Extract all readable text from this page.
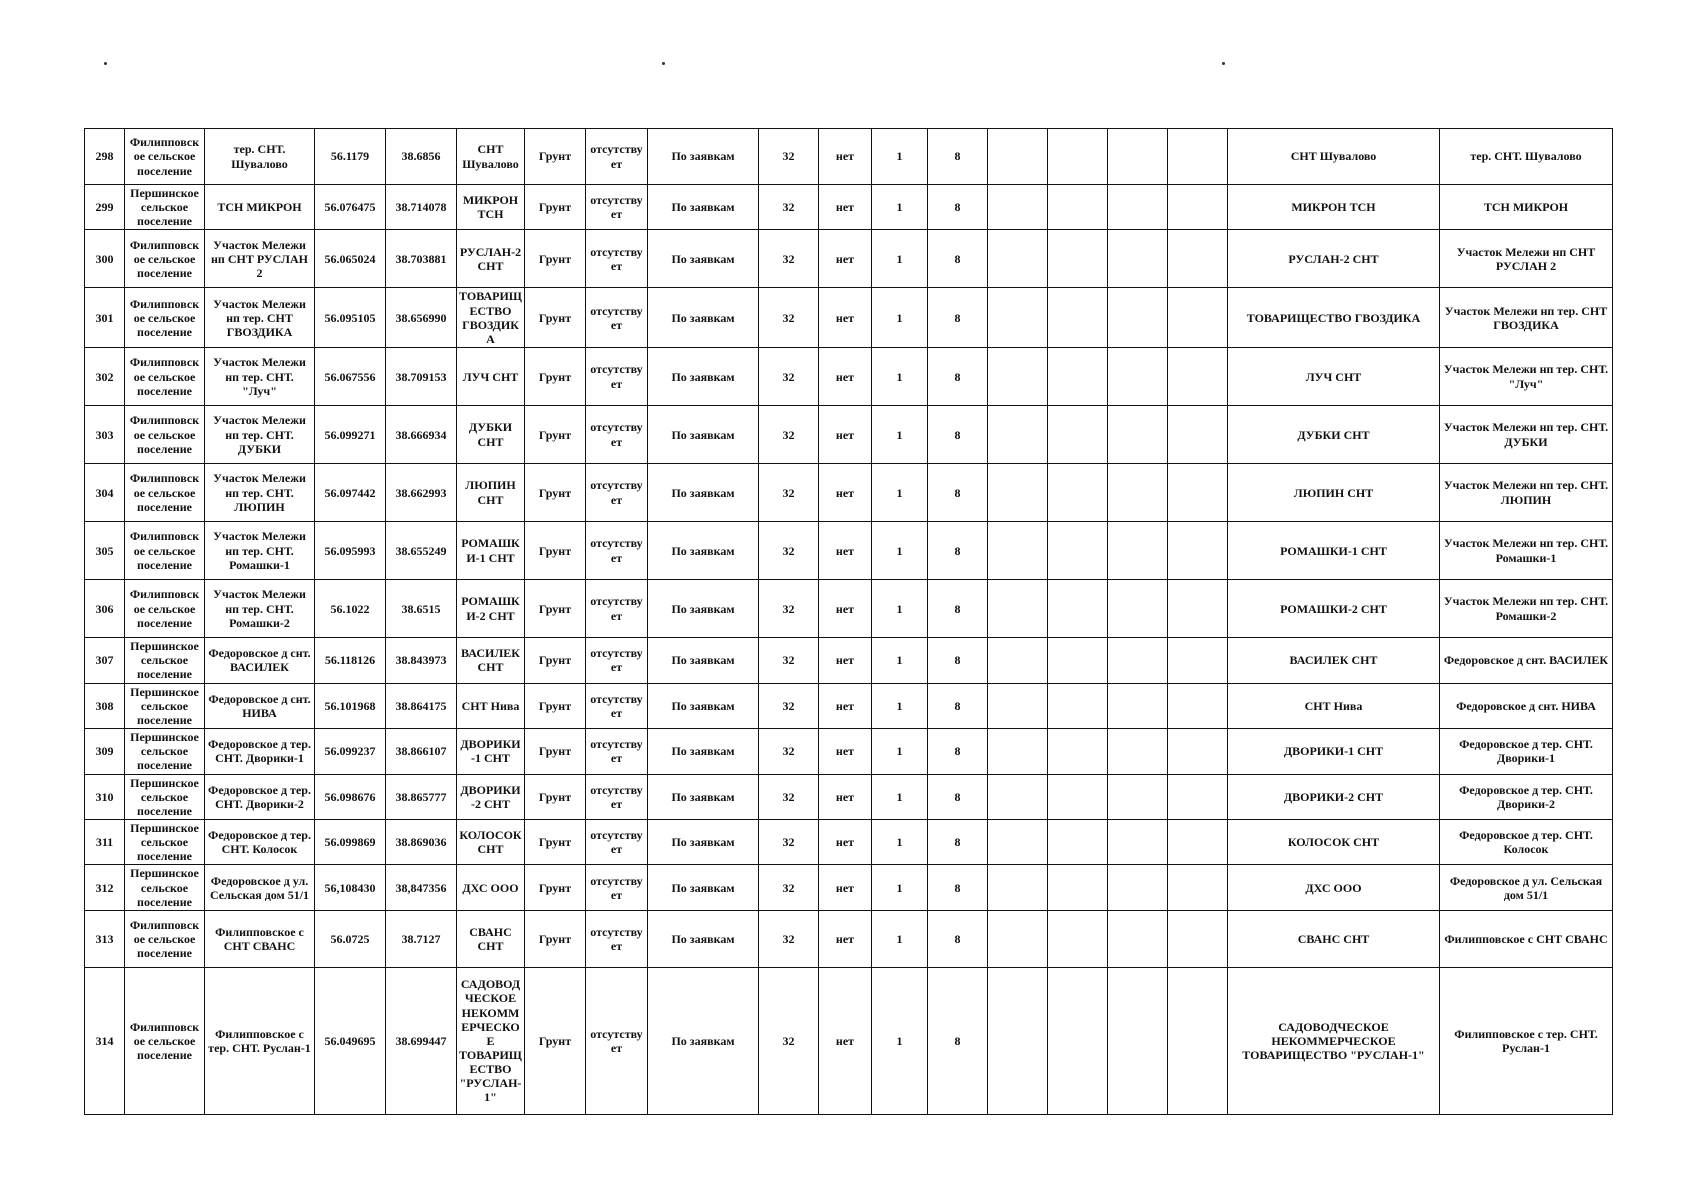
298	Филипповское сельское поселение	тер. СНТ. Шувалово	56.1179	38.6856	СНТ Шувалово	Грунт	отсутствует	По заявкам	32	нет	1	8					СНТ Шувалово	тер. СНТ. Шувалово
299	Першинское сельское поселение	ТСН МИКРОН	56.076475	38.714078	МИКРОН ТСН	Грунт	отсутствует	По заявкам	32	нет	1	8					МИКРОН ТСН	ТСН МИКРОН
300	Филипповское сельское поселение	Участок Мележи нп СНТ РУСЛАН 2	56.065024	38.703881	РУСЛАН-2 СНТ	Грунт	отсутствует	По заявкам	32	нет	1	8					РУСЛАН-2 СНТ	Участок Мележи нп СНТ РУСЛАН 2
301	Филипповское сельское поселение	Участок Мележи нп тер. СНТ ГВОЗДИКА	56.095105	38.656990	ТОВАРИЩЕСТВО ГВОЗДИКА	Грунт	отсутствует	По заявкам	32	нет	1	8					ТОВАРИЩЕСТВО ГВОЗДИКА	Участок Мележи нп тер. СНТ ГВОЗДИКА
302	Филипповское сельское поселение	Участок Мележи нп тер. СНТ. "Луч"	56.067556	38.709153	ЛУЧ СНТ	Грунт	отсутствует	По заявкам	32	нет	1	8					ЛУЧ СНТ	Участок Мележи нп тер. СНТ. "Луч"
303	Филипповское сельское поселение	Участок Мележи нп тер. СНТ. ДУБКИ	56.099271	38.666934	ДУБКИ СНТ	Грунт	отсутствует	По заявкам	32	нет	1	8					ДУБКИ СНТ	Участок Мележи нп тер. СНТ. ДУБКИ
304	Филипповское сельское поселение	Участок Мележи нп тер. СНТ. ЛЮПИН	56.097442	38.662993	ЛЮПИН СНТ	Грунт	отсутствует	По заявкам	32	нет	1	8					ЛЮПИН СНТ	Участок Мележи нп тер. СНТ. ЛЮПИН
305	Филипповское сельское поселение	Участок Мележи нп тер. СНТ. Ромашки-1	56.095993	38.655249	РОМАШКИ-1 СНТ	Грунт	отсутствует	По заявкам	32	нет	1	8					РОМАШКИ-1 СНТ	Участок Мележи нп тер. СНТ. Ромашки-1
306	Филипповское сельское поселение	Участок Мележи нп тер. СНТ. Ромашки-2	56.1022	38.6515	РОМАШКИ-2 СНТ	Грунт	отсутствует	По заявкам	32	нет	1	8					РОМАШКИ-2 СНТ	Участок Мележи нп тер. СНТ. Ромашки-2
307	Першинское сельское поселение	Федоровское д снт. ВАСИЛЕК	56.118126	38.843973	ВАСИЛЕК СНТ	Грунт	отсутствует	По заявкам	32	нет	1	8					ВАСИЛЕК СНТ	Федоровское д снт. ВАСИЛЕК
308	Першинское сельское поселение	Федоровское д снт. НИВА	56.101968	38.864175	СНТ Нива	Грунт	отсутствует	По заявкам	32	нет	1	8					СНТ Нива	Федоровское д снт. НИВА
309	Першинское сельское поселение	Федоровское д тер. СНТ. Дворики-1	56.099237	38.866107	ДВОРИКИ-1 СНТ	Грунт	отсутствует	По заявкам	32	нет	1	8					ДВОРИКИ-1 СНТ	Федоровское д тер. СНТ. Дворики-1
310	Першинское сельское поселение	Федоровское д тер. СНТ. Дворики-2	56.098676	38.865777	ДВОРИКИ-2 СНТ	Грунт	отсутствует	По заявкам	32	нет	1	8					ДВОРИКИ-2 СНТ	Федоровское д тер. СНТ. Дворики-2
311	Першинское сельское поселение	Федоровское д тер. СНТ. Колосок	56.099869	38.869036	КОЛОСОК СНТ	Грунт	отсутствует	По заявкам	32	нет	1	8					КОЛОСОК СНТ	Федоровское д тер. СНТ. Колосок
312	Першинское сельское поселение	Федоровское д ул. Сельская дом 51/1	56,108430	38,847356	ДХС ООО	Грунт	отсутствует	По заявкам	32	нет	1	8					ДХС ООО	Федоровское д ул. Сельская дом 51/1
313	Филипповское сельское поселение	Филипповское с СНТ СВАНС	56.0725	38.7127	СВАНС СНТ	Грунт	отсутствует	По заявкам	32	нет	1	8					СВАНС СНТ	Филипповское с СНТ СВАНС
314	Филипповское сельское поселение	Филипповское с тер. СНТ. Руслан-1	56.049695	38.699447	САДОВОДЧЕСКОЕ НЕКОММЕРЧЕСКОЕ ТОВАРИЩЕСТВО "РУСЛАН-1"	Грунт	отсутствует	По заявкам	32	нет	1	8					САДОВОДЧЕСКОЕ НЕКОММЕРЧЕСКОЕ ТОВАРИЩЕСТВО "РУСЛАН-1"	Филипповское с тер. СНТ. Руслан-1
